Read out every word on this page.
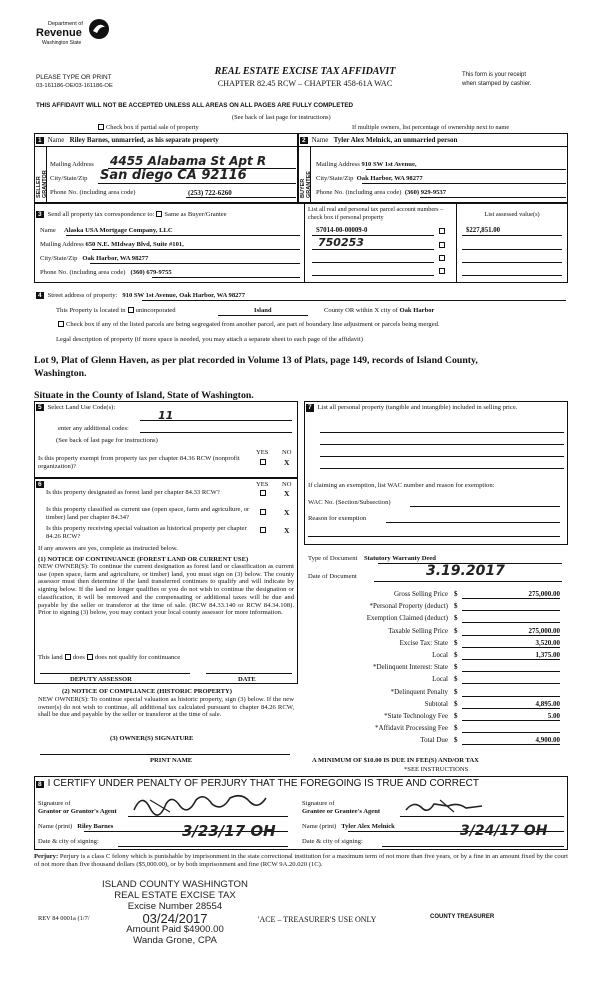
Department of
Revenue
Washington State
PLEASE TYPE OR PRINT
03-161186-OE/03-161186-OE
REAL ESTATE EXCISE TAX AFFIDAVIT
CHAPTER 82.45 RCW – CHAPTER 458-61A WAC
This form is your receipt
when stamped by cashier.
THIS AFFIDAVIT WILL NOT BE ACCEPTED UNLESS ALL AREAS ON ALL PAGES ARE FULLY COMPLETED
(See back of last page for instructions)
Check box if partial sale of property	If multiple owners, list percentage of ownership next to name
SELLER GRANTOR	BUYER GRANTEE
1 Name Riley Barnes, unmarried, as his separate property
Mailing Address 4455 Alabama St Apt R
City/State/Zip San diego CA 92116
Phone No. (including area code)	(253) 722-6260
2 Name Tyler Alex Melnick, an unmarried person
Mailing Address 910 SW 1st Avenue,
City/State/Zip Oak Harbor, WA 98277
Phone No. (including area code) (360) 929-9537
3 Send all property tax correspondence to: Same as Buyer/Grantee
Name Alaska USA Mortgage Company, LLC
Mailing Address 650 N.E. MIdway Blvd, Suite #101,
City/State/Zip Oak Harbor, WA 98277
Phone No. (including area code) (360) 679-9755
List all real and personal tax parcel account numbers – check box if personal property	List assessed value(s)
S7014-00-00009-0
750253
$227,851.00
4 Street address of property: 910 SW 1st Avenue, Oak Harbor, WA 98277
This Property is located in unincorporated	Island	County OR within X city of Oak Harbor
Check box if any of the listed parcels are being segregated from another parcel, are part of boundary line adjustment or parcels being merged.
Legal description of property (if more space is needed, you may attach a separate sheet to each page of the affidavit)
Lot 9, Plat of Glenn Haven, as per plat recorded in Volume 13 of Plats, page 149, records of Island County,
Washington.
Situate in the County of Island, State of Washington.
5 Select Land Use Code(s):
11
enter any additional codes:
(See back of last page for instructions)
YES NO
Is this property exempt from property tax per chapter 84.36 RCW (nonprofit organization)?	X
6	YES NO
Is this property designated as forest land per chapter 84.33 RCW?	X
Is this property classified as current use (open space, farm and agriculture, or timber) land per chapter 84.34?
X
Is this property receiving special valuation as historical property per chapter 84.26 RCW?
X
If any answers are yes, complete as instructed below.
(1) NOTICE OF CONTINUANCE (FOREST LAND OR CURRENT USE)
NEW OWNER(S): To continue the current designation as forest land or classification as current use (open space, farm and agriculture, or timber) land, you must sign on (3) below. The county assessor must then determine if the land transferred continues to qualify and will indicate by signing below. If the land no longer qualifies or you do not wish to continue the designation or classification, it will be removed and the compensating or additional taxes will be due and payable by the seller or transferor at the time of sale. (RCW 84.33.140 or RCW 84.34.108). Prior to signing (3) below, you may contact your local county assessor for more information.
This land does does not qualify for continuance
DEPUTY ASSESSOR	DATE
(2) NOTICE OF COMPLIANCE (HISTORIC PROPERTY)
NEW OWNER(S): To continue special valuation as historic property, sign (3) below. If the new owner(s) do not wish to continue, all additional tax calculated pursuant to chapter 84.26 RCW, shall be due and payable by the seller or transferor at the time of sale.
(3) OWNER(S) SIGNATURE
PRINT NAME
7 List all personal property (tangible and intangible) included in selling price.
If claiming an exemption, list WAC number and reason for exemption:
WAC No. (Section/Subsection)
Reason for exemption
Type of Document Statutory Warranty Deed
Date of Document	3.19.2017
Gross Selling Price $	275,000.00
*Personal Property (deduct) $
Exemption Claimed (deduct) $
Taxable Selling Price $	275,000.00
Excise Tax: State $	3,520.00
Local $	1,375.00
*Delinquent Interest: State $
Local $
*Delinquent Penalty $
Subtotal $	4,895.00
*State Technology Fee $	5.00
*Affidavit Processing Fee $
Total Due $	4,900.00
A MINIMUM OF $10.00 IS DUE IN FEE(S) AND/OR TAX
*SEE INSTRUCTIONS
8 I CERTIFY UNDER PENALTY OF PERJURY THAT THE FOREGOING IS TRUE AND CORRECT
Signature of
Grantor or Grantor's Agent
Name (print) Riley Barnes
Date & city of signing:
3/23/17 OH
Signature of
Grantee or Grantee's Agent
Name (print) Tyler Alex Melnick
Date & city of signing:
3/24/17 OH
Perjury: Perjury is a class C felony which is punishable by imprisonment in the state correctional institution for a maximum term of not more than five years, or by a fine in an amount fixed by the court of not more than five thousand dollars ($5,000.00), or by both imprisonment and fine (RCW 9A.20.020 (1C).
ISLAND COUNTY WASHINGTON
REAL ESTATE EXCISE TAX
Excise Number 28554
03/24/2017
Amount Paid $4900.00
Wanda Grone, CPA
REV 84 0001a (1/7/	'ACE – TREASURER'S USE ONLY	COUNTY TREASURER
